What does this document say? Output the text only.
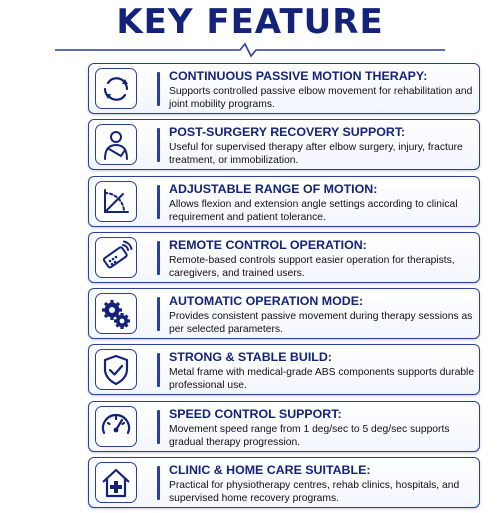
KEY FEATURE
CONTINUOUS PASSIVE MOTION THERAPY:
Supports controlled passive elbow movement for rehabilitation and joint mobility programs.
POST-SURGERY RECOVERY SUPPORT:
Useful for supervised therapy after elbow surgery, injury, fracture treatment, or immobilization.
ADJUSTABLE RANGE OF MOTION:
Allows flexion and extension angle settings according to clinical requirement and patient tolerance.
REMOTE CONTROL OPERATION:
Remote-based controls support easier operation for therapists, caregivers, and trained users.
AUTOMATIC OPERATION MODE:
Provides consistent passive movement during therapy sessions as per selected parameters.
STRONG & STABLE BUILD:
Metal frame with medical-grade ABS components supports durable professional use.
SPEED CONTROL SUPPORT:
Movement speed range from 1 deg/sec to 5 deg/sec supports gradual therapy progression.
CLINIC & HOME CARE SUITABLE:
Practical for physiotherapy centres, rehab clinics, hospitals, and supervised home recovery programs.
